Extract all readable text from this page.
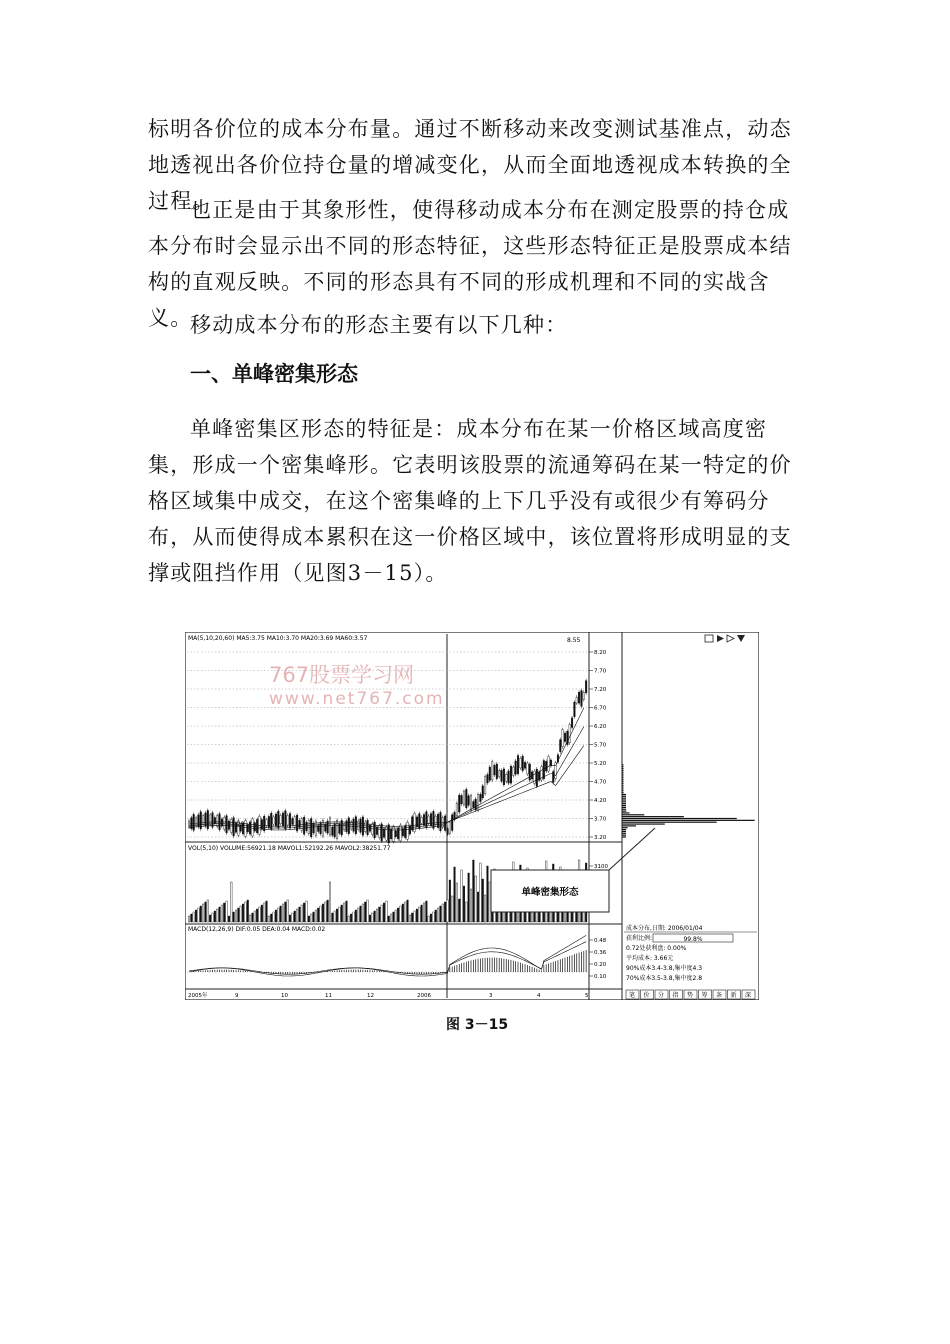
标明各价位的成本分布量。通过不断移动来改变测试基准点，动态地透视出各价位持仓量的增减变化，从而全面地透视成本转换的全过程。

也正是由于其象形性，使得移动成本分布在测定股票的持仓成本分布时会显示出不同的形态特征，这些形态特征正是股票成本结构的直观反映。不同的形态具有不同的形成机理和不同的实战含义。

移动成本分布的形态主要有以下几种：

一、单峰密集形态

单峰密集区形态的特征是：成本分布在某一价格区域高度密集，形成一个密集峰形。它表明该股票的流通筹码在某一特定的价格区域集中成交，在这个密集峰的上下几乎没有或很少有筹码分布，从而使得成本累积在这一价格区域中，该位置将形成明显的支撑或阻挡作用（见图3－15）。

8.20
7.70
7.20
6.70
6.20
5.70
5.20
4.70
4.20
3.70
3.20
3100
0.48
0.36
0.20
0.10
2005年	9	10	11	12	2006	3	4	5	笔 价 分 指 势 筹 条 新 深
MA(5,10,20,60) MA5:3.75 MA10:3.70 MA20:3.69 MA60:3.57
VOL(5,10) VOLUME:56921.18 MAVOL1:52192.26 MAVOL2:38251.77
MACD(12,26,9) DIF:0.05 DEA:0.04 MACD:0.02
8.55
3.20
767股票学习网
www.net767.com
单峰密集形态
成本分布,日期: 2006/01/04
获利比例:	99.8%
0.72处获利盘: 0.00%
平均成本: 3.66元
90%成本3.4-3.8,集中度4.3
70%成本3.5-3.8,集中度2.8
图 3－15
